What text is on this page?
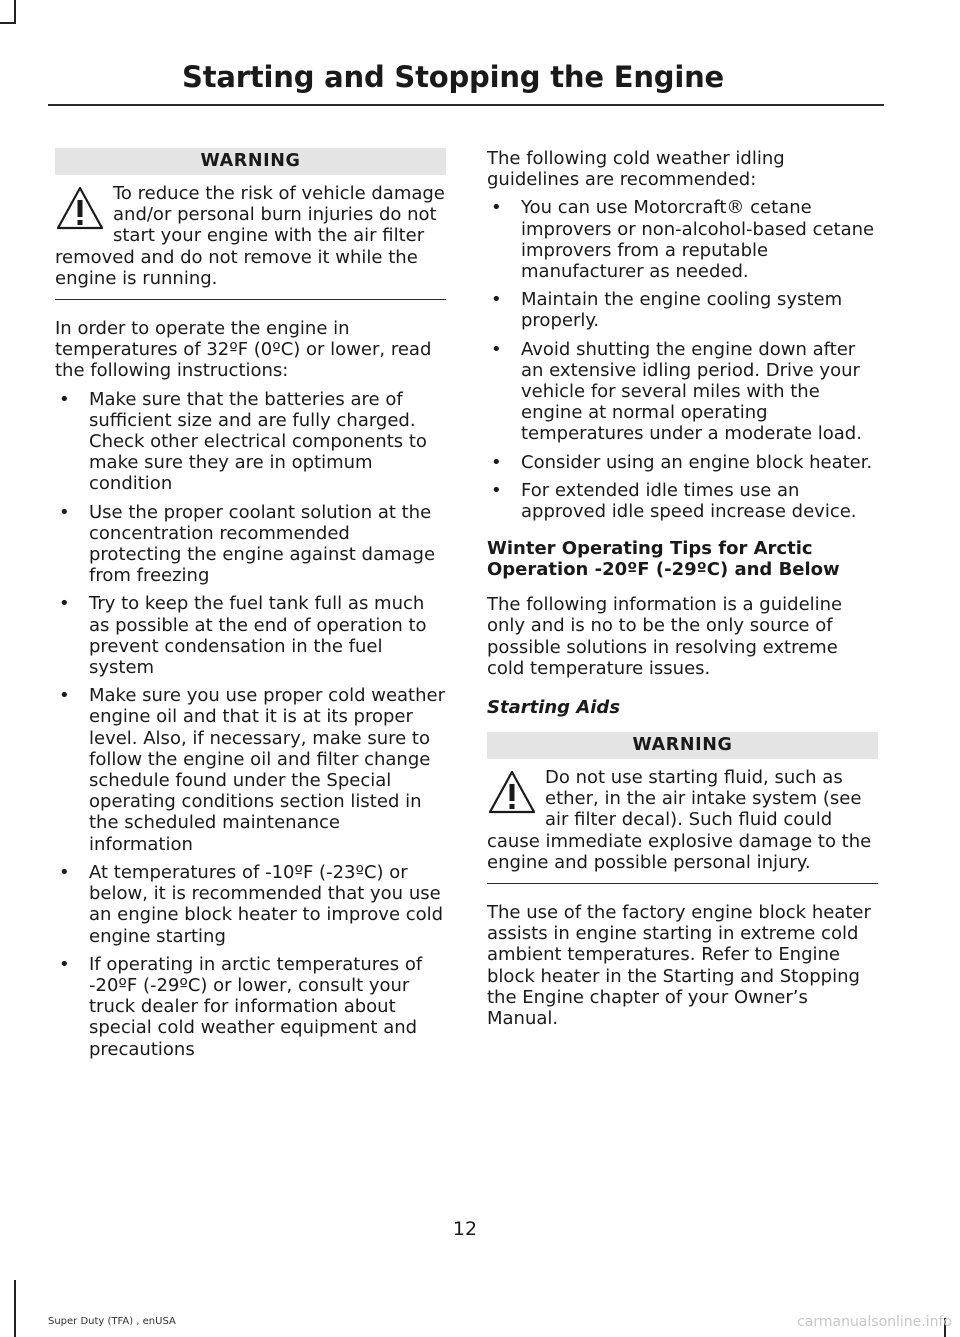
Starting and Stopping the Engine
WARNING

To reduce the risk of vehicle damage and/or personal burn injuries do not start your engine with the air filter removed and do not remove it while the engine is running.

In order to operate the engine in temperatures of 32ºF (0ºC) or lower, read the following instructions:

• Make sure that the batteries are of sufficient size and are fully charged. Check other electrical components to make sure they are in optimum condition
• Use the proper coolant solution at the concentration recommended protecting the engine against damage from freezing
• Try to keep the fuel tank full as much as possible at the end of operation to prevent condensation in the fuel system
• Make sure you use proper cold weather engine oil and that it is at its proper level. Also, if necessary, make sure to follow the engine oil and filter change schedule found under the Special operating conditions section listed in the scheduled maintenance information
• At temperatures of -10ºF (-23ºC) or below, it is recommended that you use an engine block heater to improve cold engine starting
• If operating in arctic temperatures of -20ºF (-29ºC) or lower, consult your truck dealer for information about special cold weather equipment and precautions

The following cold weather idling guidelines are recommended:

• You can use Motorcraft® cetane improvers or non-alcohol-based cetane improvers from a reputable manufacturer as needed.
• Maintain the engine cooling system properly.
• Avoid shutting the engine down after an extensive idling period. Drive your vehicle for several miles with the engine at normal operating temperatures under a moderate load.
• Consider using an engine block heater.
• For extended idle times use an approved idle speed increase device.
Winter Operating Tips for Arctic Operation -20ºF (-29ºC) and Below

The following information is a guideline only and is no to be the only source of possible solutions in resolving extreme cold temperature issues.

Starting Aids
WARNING

Do not use starting fluid, such as ether, in the air intake system (see air filter decal). Such fluid could cause immediate explosive damage to the engine and possible personal injury.

The use of the factory engine block heater assists in engine starting in extreme cold ambient temperatures. Refer to Engine block heater in the Starting and Stopping the Engine chapter of your Owner’s Manual.

12
Super Duty (TFA) , enUSA	carmanualsonline.info
